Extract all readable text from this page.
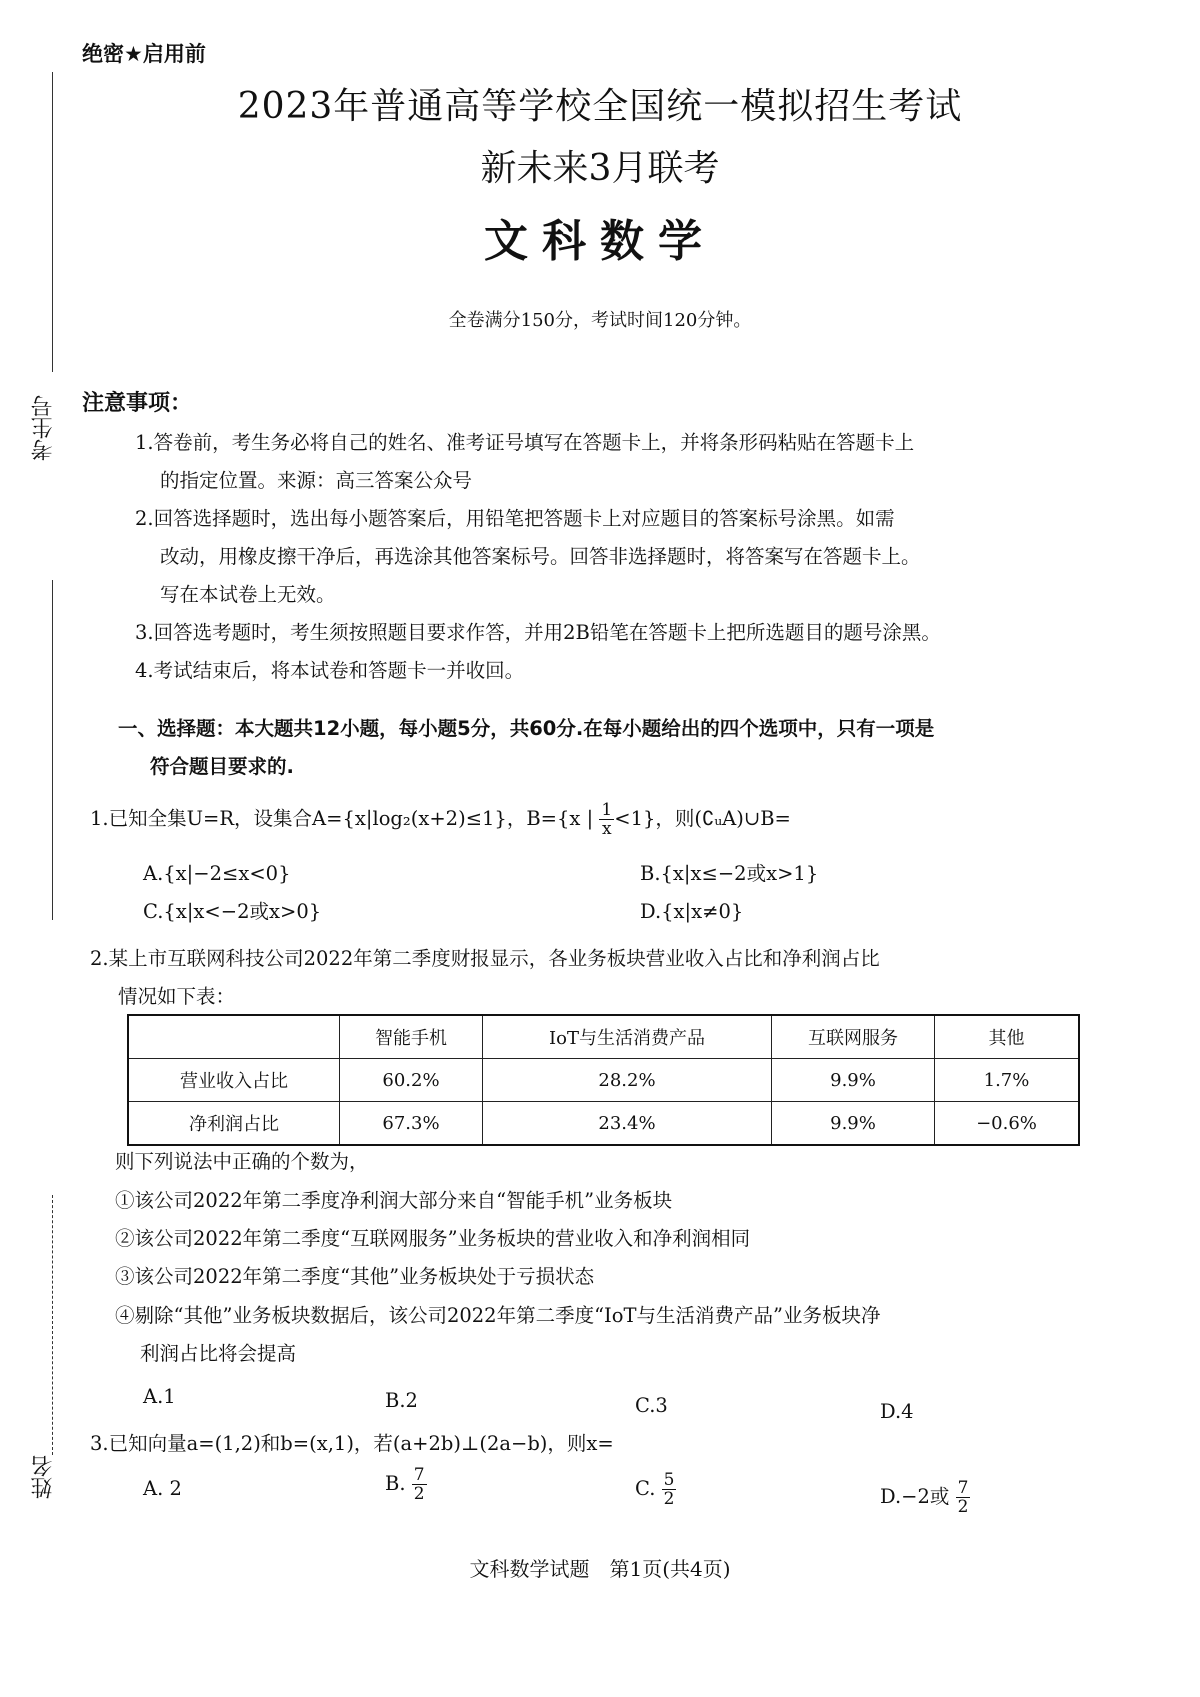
考生号
姓名
绝密★启用前
2023年普通高等学校全国统一模拟招生考试
新未来3月联考
文科数学
全卷满分150分，考试时间120分钟。
注意事项：
1.答卷前，考生务必将自己的姓名、准考证号填写在答题卡上，并将条形码粘贴在答题卡上
的指定位置。来源：高三答案公众号
2.回答选择题时，选出每小题答案后，用铅笔把答题卡上对应题目的答案标号涂黑。如需
改动，用橡皮擦干净后，再选涂其他答案标号。回答非选择题时，将答案写在答题卡上。
写在本试卷上无效。
3.回答选考题时，考生须按照题目要求作答，并用2B铅笔在答题卡上把所选题目的题号涂黑。
4.考试结束后，将本试卷和答题卡一并收回。
一、选择题：本大题共12小题，每小题5分，共60分.在每小题给出的四个选项中，只有一项是
符合题目要求的.
1.已知全集U=R，设集合A={x|log₂(x+2)≤1}，B={x | $\frac{1}{x} <1$}，则(∁ᵤA)∪B=
A.{x|−2≤x<0}	B.{x|x≤−2或x>1}
C.{x|x<−2或x>0}	D.{x|x≠0}
2.某上市互联网科技公司2022年第二季度财报显示，各业务板块营业收入占比和净利润占比
情况如下表：
	智能手机	IoT与生活消费产品	互联网服务	其他
营业收入占比	60.2%	28.2%	9.9%	1.7%
净利润占比	67.3%	23.4%	9.9%	−0.6%
则下列说法中正确的个数为，
①该公司2022年第二季度净利润大部分来自“智能手机”业务板块
②该公司2022年第二季度“互联网服务”业务板块的营业收入和净利润相同
③该公司2022年第二季度“其他”业务板块处于亏损状态
④剔除“其他”业务板块数据后，该公司2022年第二季度“IoT与生活消费产品”业务板块净
利润占比将会提高
A.1	B.2	C.3	D.4
3.已知向量a=(1,2)和b=(x,1)，若(a+2b)⊥(2a−b)，则x=
A. 2	B. $\frac{7}{2}$	C. $\frac{5}{2}$	D.−2或 $\frac{7}{2}$
文科数学试题　第1页(共4页)
